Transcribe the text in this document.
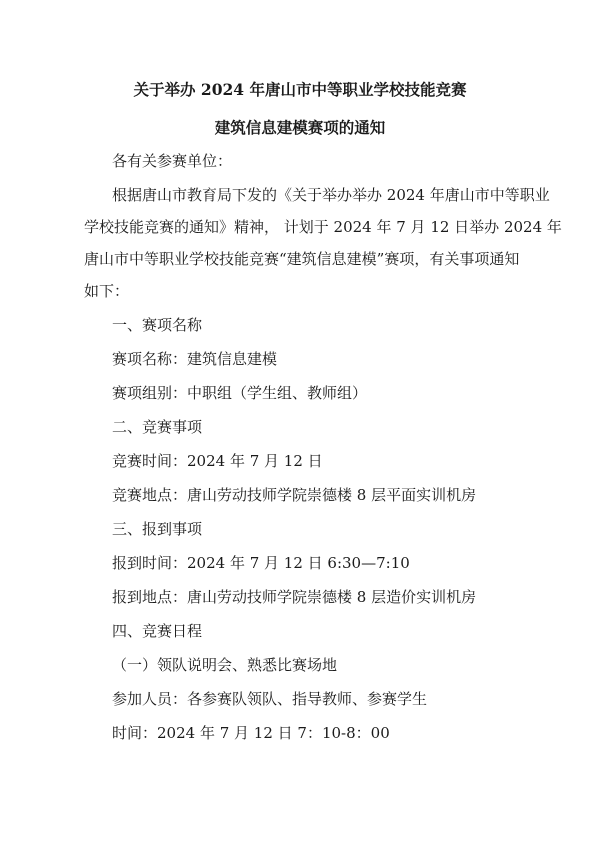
关于举办 2024 年唐山市中等职业学校技能竞赛
建筑信息建模赛项的通知
各有关参赛单位：
根据唐山市教育局下发的《关于举办举办 2024 年唐山市中等职业
学校技能竞赛的通知》精神， 计划于 2024 年 7 月 12 日举办 2024 年
唐山市中等职业学校技能竞赛“建筑信息建模”赛项，有关事项通知
如下：
一、赛项名称
赛项名称：建筑信息建模
赛项组别：中职组（学生组、教师组）
二、竞赛事项
竞赛时间：2024 年 7 月 12 日
竞赛地点：唐山劳动技师学院崇德楼 8 层平面实训机房
三、报到事项
报到时间：2024 年 7 月 12 日 6:30—7:10
报到地点：唐山劳动技师学院崇德楼 8 层造价实训机房
四、竞赛日程
（一）领队说明会、熟悉比赛场地
参加人员：各参赛队领队、指导教师、参赛学生
时间：2024 年 7 月 12 日 7：10-8：00
